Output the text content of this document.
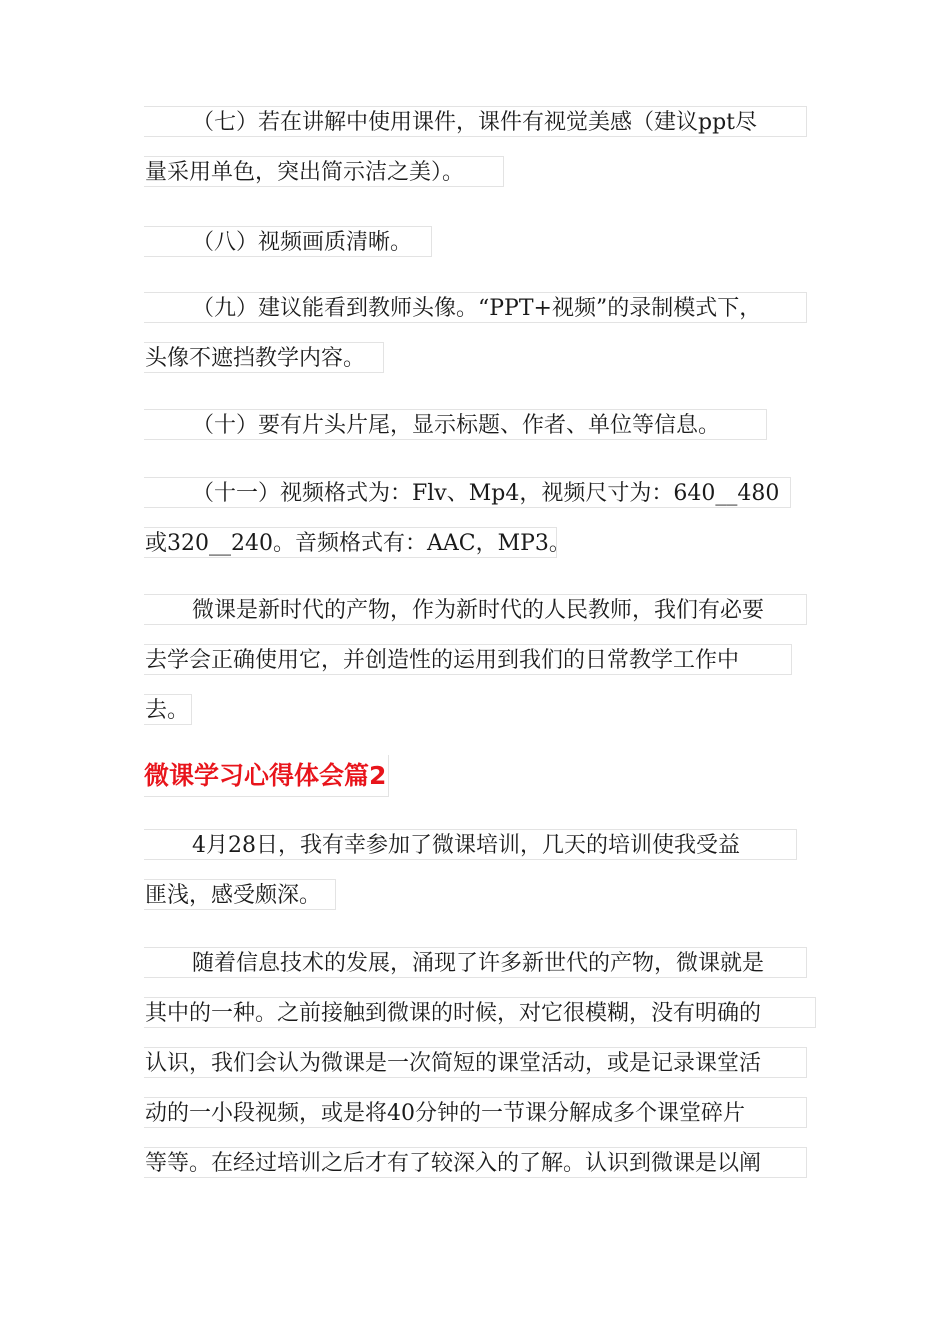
（七）若在讲解中使用课件，课件有视觉美感（建议ppt尽
量采用单色，突出简示洁之美）。
（八）视频画质清晰。
（九）建议能看到教师头像。“PPT+视频”的录制模式下，
头像不遮挡教学内容。
（十）要有片头片尾，显示标题、作者、单位等信息。
（十一）视频格式为：Flv、Mp4，视频尺寸为：640__480
或320__240。音频格式有：AAC，MP3。
微课是新时代的产物，作为新时代的人民教师，我们有必要
去学会正确使用它，并创造性的运用到我们的日常教学工作中
去。
微课学习心得体会篇2
4月28日，我有幸参加了微课培训，几天的培训使我受益
匪浅，感受颇深。
随着信息技术的发展，涌现了许多新世代的产物，微课就是
其中的一种。之前接触到微课的时候，对它很模糊，没有明确的
认识，我们会认为微课是一次简短的课堂活动，或是记录课堂活
动的一小段视频，或是将40分钟的一节课分解成多个课堂碎片
等等。在经过培训之后才有了较深入的了解。认识到微课是以阐
